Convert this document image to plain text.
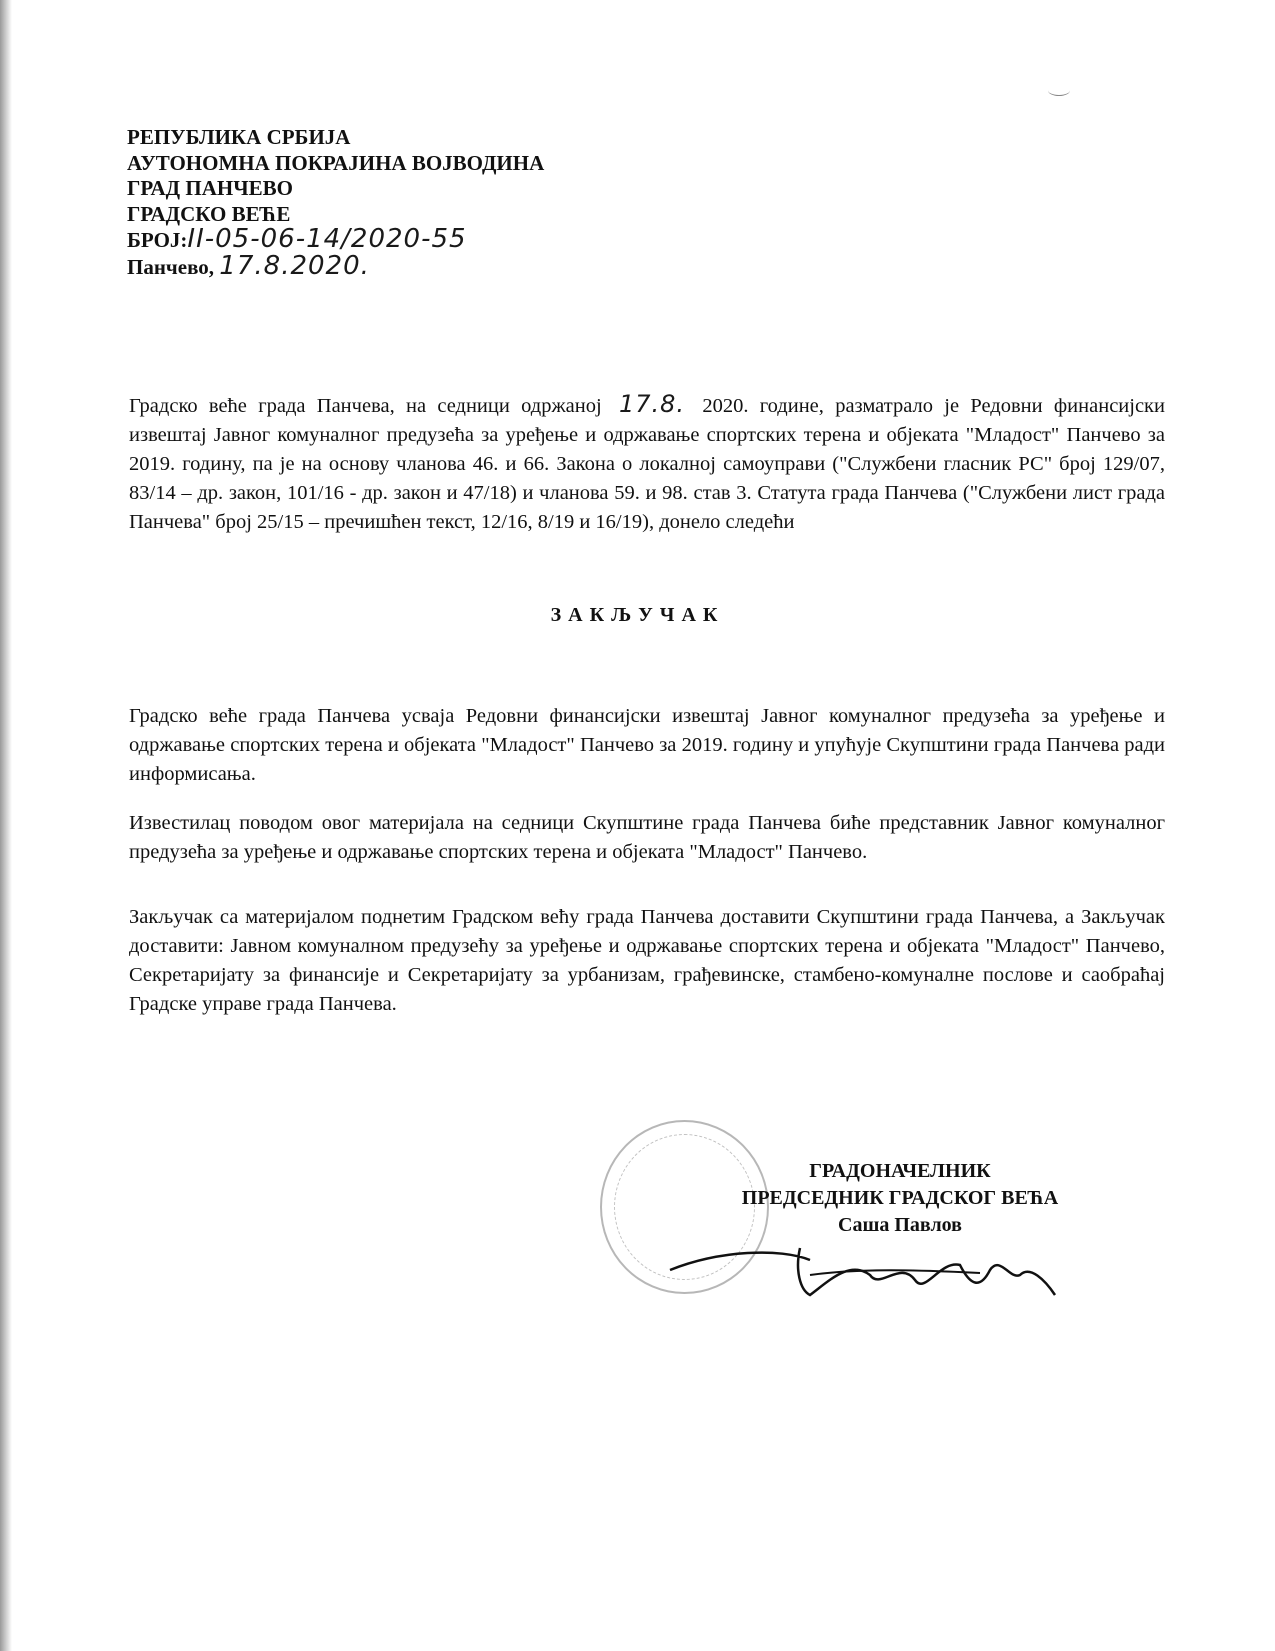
РЕПУБЛИКА СРБИЈА
АУТОНОМНА ПОКРАЈИНА ВОЈВОДИНА
ГРАД ПАНЧЕВО
ГРАДСКО ВЕЋЕ
БРОЈ:II-05-06-14/2020-55
Панчево, 17.8.2020.
Градско веће града Панчева, на седници одржаној 17.8. 2020. године, разматрало је Редовни финансијски извештај Јавног комуналног предузећа за уређење и одржавање спортских терена и објеката "Младост" Панчево за 2019. годину, па је на основу чланова 46. и 66. Закона о локалној самоуправи ("Службени гласник РС" број 129/07, 83/14 – др. закон, 101/16 - др. закон и 47/18) и чланова 59. и 98. став 3. Статута града Панчева ("Службени лист града Панчева" број 25/15 – пречишћен текст, 12/16, 8/19 и 16/19), донело следећи
ЗАКЉУЧАК
Градско веће града Панчева усваја Редовни финансијски извештај Јавног комуналног предузећа за уређење и одржавање спортских терена и објеката "Младост" Панчево за 2019. годину и упућује Скупштини града Панчева ради информисања.
Известилац поводом овог материјала на седници Скупштине града Панчева биће представник Јавног комуналног предузећа за уређење и одржавање спортских терена и објеката "Младост" Панчево.
Закључак са материјалом поднетим Градском већу града Панчева доставити Скупштини града Панчева, а Закључак доставити: Јавном комуналном предузећу за уређење и одржавање спортских терена и објеката "Младост" Панчево, Секретаријату за финансије и Секретаријату за урбанизам, грађевинске, стамбено-комуналне послове и саобраћај Градске управе града Панчева.
ГРАДОНАЧЕЛНИК
ПРЕДСЕДНИК ГРАДСКОГ ВЕЋА
Саша Павлов
